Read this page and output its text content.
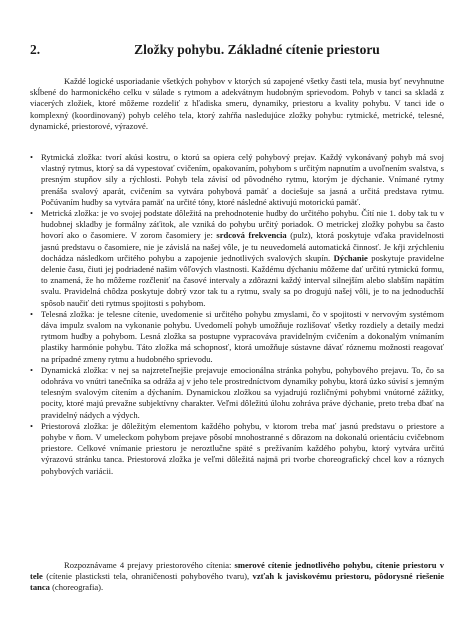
2.	Zložky pohybu. Základné cítenie priestoru

Každé logické usporiadanie všetkých pohybov v ktorých sú zapojené všetky časti tela, musia byť nevyhnutne skĺbené do harmonického celku v súlade s rytmom a adekvátnym hudobným sprievodom. Pohyb v tanci sa skladá z viacerých zložiek, ktoré môžeme rozdeliť z hľadiska smeru, dynamiky, priestoru a kvality pohybu. V tanci ide o komplexný (koordinovaný) pohyb celého tela, ktorý zahŕňa nasledujúce zložky pohybu: rytmické, metrické, telesné, dynamické, priestorové, výrazové.

• Rytmická zložka: tvorí akúsi kostru, o ktorú sa opiera celý pohybový prejav. Každý vykonávaný pohyb má svoj vlastný rytmus, ktorý sa dá vypestovať cvičením, opakovaním, pohybom s určitým napnutím a uvoľnením svalstva, s presným stupňov sily a rýchlosti. Pohyb tela závisí od pôvodného rytmu, ktorým je dýchanie. Vnímané rytmy prenáša svalový aparát, cvičením sa vytvára pohybová pamäť a dociešuje sa jasná a určitá predstava rytmu. Počúvaním hudby sa vytvára pamäť na určité tóny, ktoré následné aktivujú motorickú pamäť.
• Metrická zložka: je vo svojej podstate dôležitá na prehodnotenie hudby do určitého pohybu. Čítí nie 1. doby tak tu v hudobnej skladby je formálny záťitok, ale vzniká do pohybu určitý poriadok. O metrickej zložky pohybu sa často hovorí ako o časomiere. V zorom časomiery je: srdcová frekvencia (pulz), ktorá poskytuje vďaka pravidelnosti jasnú predstavu o časomiere, nie je závislá na našej vôle, je tu neuvedomelá automatická činnosť. Je kŕji zrýchleniu dochádza následkom určitého pohybu a zapojenie jednotlivých svalových skupín. Dýchanie poskytuje pravidelne delenie času, čiuti jej podriadené našim vôľových vlastnosti. Každému dýchaniu môžeme dať určitú rytmickú formu, to znamená, že ho môžeme rozčleniť na časové intervaly a zdôrazni každý interval silnejším alebo slabším napätím svalu. Pravidelná chôdza poskytuje dobrý vzor tak tu a rytmu, svaly sa po drogujú našej vôli, je to na jednoduchší spôsob naučiť deti rytmus spojitosti s pohybom.
• Telesná zložka: je telesne cítenie, uvedomenie si určitého pohybu zmyslami, čo v spojitosti v nervovým systémom dáva impulz svalom na vykonanie pohybu. Uvedomelí pohyb umožňuje rozlišovať všetky rozdiely a detaily medzi rytmom hudby a pohybom. Lesná zložka sa postupne vypracováva pravidelným cvičením a dokonalým vnímaním plastiky harmónie pohybu. Táto zložka má schopnosť, ktorá umožňuje sústavne dávať róznemu možnosti reagovať na prípadné zmeny rytmu a hudobného sprievodu.
• Dynamická zložka: v nej sa najzreteľnejšie prejavuje emocionálna stránka pohybu, pohybového prejavu. To, čo sa odohráva vo vnútri tanečníka sa odráža aj v jeho tele prostredníctvom dynamiky pohybu, ktorá úzko súvisí s jemným telesným svalovým cítením a dýchaním. Dynamickou zložkou sa vyjadrujú rozličnými pohybmi vnútorné zážitky, pocity, ktoré majú prevažne subjektívny charakter. Veľmi dôležitú úlohu zohráva práve dýchanie, preto treba dbať na pravidelný nádych a výdych.
• Priestorová zložka: je dôležitým elementom každého pohybu, v ktorom treba mať jasnú predstavu o priestore a pohybe v ňom. V umeleckom pohybom prejave pôsobí mnohostranné s dôrazom na dokonalú orientáciu cvičebnom priestore. Celkové vnímanie priestoru je neroztlučne späté s prežívaním každého pohybu, ktorý vytvára určitú výrazovú stránku tanca. Priestorová zložka je veľmi dôležitá najmä pri tvorbe choreografický chcel kov a róznych pohybových variácii.

Rozpoznávame 4 prejavy priestorového cítenia: smerové cítenie jednotlivého pohybu, cítenie priestoru v tele (cítenie plasticksti tela, ohraničenosti pohybového tvaru), vzťah k javiskovému priestoru, pôdorysné riešenie tanca (choreografia).
